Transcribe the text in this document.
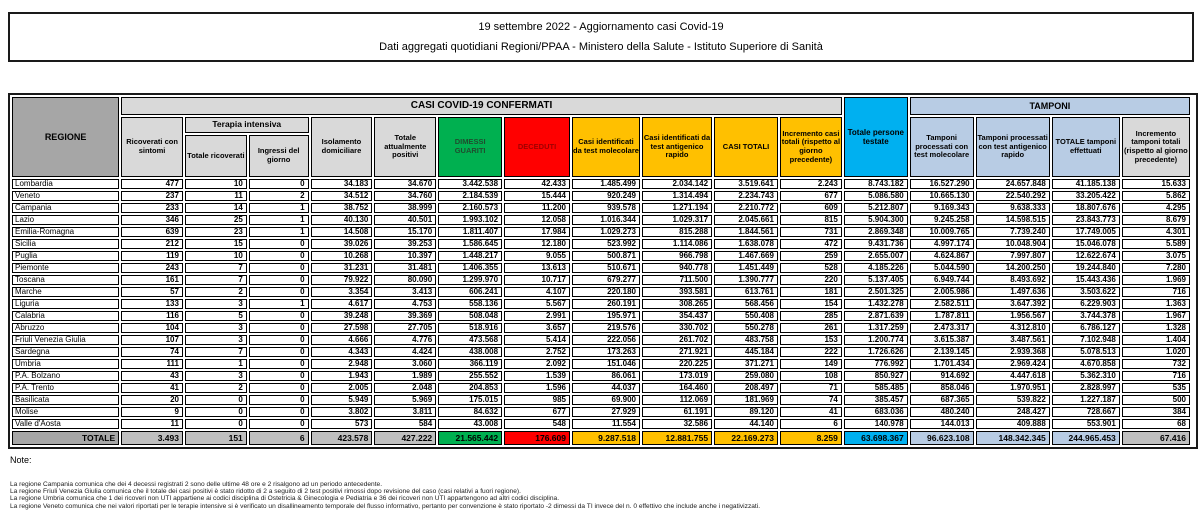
19 settembre 2022 - Aggiornamento casi Covid-19
Dati aggregati quotidiani Regioni/PPAA - Ministero della Salute - Istituto Superiore di Sanità
REGIONE	CASI COVID-19 CONFERMATI											Totale persone testate	TAMPONI			
	Ricoverati con sintomi	Terapia intensiva		Isolamento domiciliare	Totale attualmente positivi	DIMESSI GUARITI	DECEDUTI	Casi identificati da test molecolare	Casi identificati da test antigenico rapido	CASI TOTALI	Incremento casi totali (rispetto al giorno precedente)		Tamponi processati con test molecolare	Tamponi processati con test antigenico rapido	TOTALE tamponi effettuati	Incremento tamponi totali (rispetto al giorno precedente)
		Totale ricoverati	Ingressi del giorno													
Lombardia	477	10	0	34.183	34.670	3.442.538	42.433	1.485.499	2.034.142	3.519.641	2.243	8.743.182	16.527.290	24.657.848	41.185.138	15.633
Veneto	237	11	2	34.512	34.760	2.184.539	15.444	920.249	1.314.494	2.234.743	677	5.086.580	10.665.130	22.540.292	33.205.422	5.862
Campania	233	14	1	38.752	38.999	2.160.573	11.200	939.578	1.271.194	2.210.772	609	5.212.807	9.169.343	9.638.333	18.807.676	4.295
Lazio	346	25	1	40.130	40.501	1.993.102	12.058	1.016.344	1.029.317	2.045.661	815	5.904.300	9.245.258	14.598.515	23.843.773	8.679
Emilia-Romagna	639	23	1	14.508	15.170	1.811.407	17.984	1.029.273	815.288	1.844.561	731	2.869.348	10.009.765	7.739.240	17.749.005	4.301
Sicilia	212	15	0	39.026	39.253	1.586.645	12.180	523.992	1.114.086	1.638.078	472	9.431.736	4.997.174	10.048.904	15.046.078	5.589
Puglia	119	10	0	10.268	10.397	1.448.217	9.055	500.871	966.798	1.467.669	259	2.655.007	4.624.867	7.997.807	12.622.674	3.075
Piemonte	243	7	0	31.231	31.481	1.406.355	13.613	510.671	940.778	1.451.449	528	4.185.226	5.044.590	14.200.250	19.244.840	7.280
Toscana	161	7	0	79.922	80.090	1.299.970	10.717	679.277	711.500	1.390.777	220	5.137.405	6.949.744	8.493.692	15.443.436	1.969
Marche	57	2	0	3.354	3.413	606.241	4.107	220.180	393.581	613.761	181	2.501.325	2.005.986	1.497.636	3.503.622	716
Liguria	133	3	1	4.617	4.753	558.136	5.567	260.191	308.265	568.456	154	1.432.278	2.582.511	3.647.392	6.229.903	1.363
Calabria	116	5	0	39.248	39.369	508.048	2.991	195.971	354.437	550.408	285	2.871.639	1.787.811	1.956.567	3.744.378	1.967
Abruzzo	104	3	0	27.598	27.705	518.916	3.657	219.576	330.702	550.278	261	1.317.259	2.473.317	4.312.810	6.786.127	1.328
Friuli Venezia Giulia	107	3	0	4.666	4.776	473.568	5.414	222.056	261.702	483.758	153	1.200.774	3.615.387	3.487.561	7.102.948	1.404
Sardegna	74	7	0	4.343	4.424	438.008	2.752	173.263	271.921	445.184	222	1.726.626	2.139.145	2.939.368	5.078.513	1.020
Umbria	111	1	0	2.948	3.060	366.119	2.092	151.046	220.225	371.271	149	776.992	1.701.434	2.969.424	4.670.858	732
P.A. Bolzano	43	3	0	1.943	1.989	255.552	1.539	86.061	173.019	259.080	108	850.927	914.692	4.447.618	5.362.310	716
P.A. Trento	41	2	0	2.005	2.048	204.853	1.596	44.037	164.460	208.497	71	585.485	858.046	1.970.951	2.828.997	535
Basilicata	20	0	0	5.949	5.969	175.015	985	69.900	112.069	181.969	74	385.457	687.365	539.822	1.227.187	500
Molise	9	0	0	3.802	3.811	84.632	677	27.929	61.191	89.120	41	683.036	480.240	248.427	728.667	384
Valle d'Aosta	11	0	0	573	584	43.008	548	11.554	32.586	44.140	6	140.978	144.013	409.888	553.901	68
TOTALE	3.493	151	6	423.578	427.222	21.565.442	176.609	9.287.518	12.881.755	22.169.273	8.259	63.698.367	96.623.108	148.342.345	244.965.453	67.416
Note:
La regione Campania comunica che dei 4 decessi registrati 2 sono delle ultime 48 ore e 2 risalgono ad un periodo antecedente.
La regione Friuli Venezia Giulia comunica che il totale dei casi positivi è stato ridotto di 2 a seguito di 2 test positivi rimossi dopo revisione del caso (casi relativi a fuori regione).
La regione Umbria comunica che 1 dei ricoveri non UTI appartiene ai codici disciplina di Ostetricia & Ginecologia e Pediatria e 36 dei ricoveri non UTI appartengono ad altri codici disciplina.
La regione Veneto comunica che nei valori riportati per le terapie intensive si è verificato un disallineamento temporale del flusso informativo, pertanto per convenzione è stato riportato -2 dimessi da TI invece del n. 0 effettivo che include anche i negativizzati.
